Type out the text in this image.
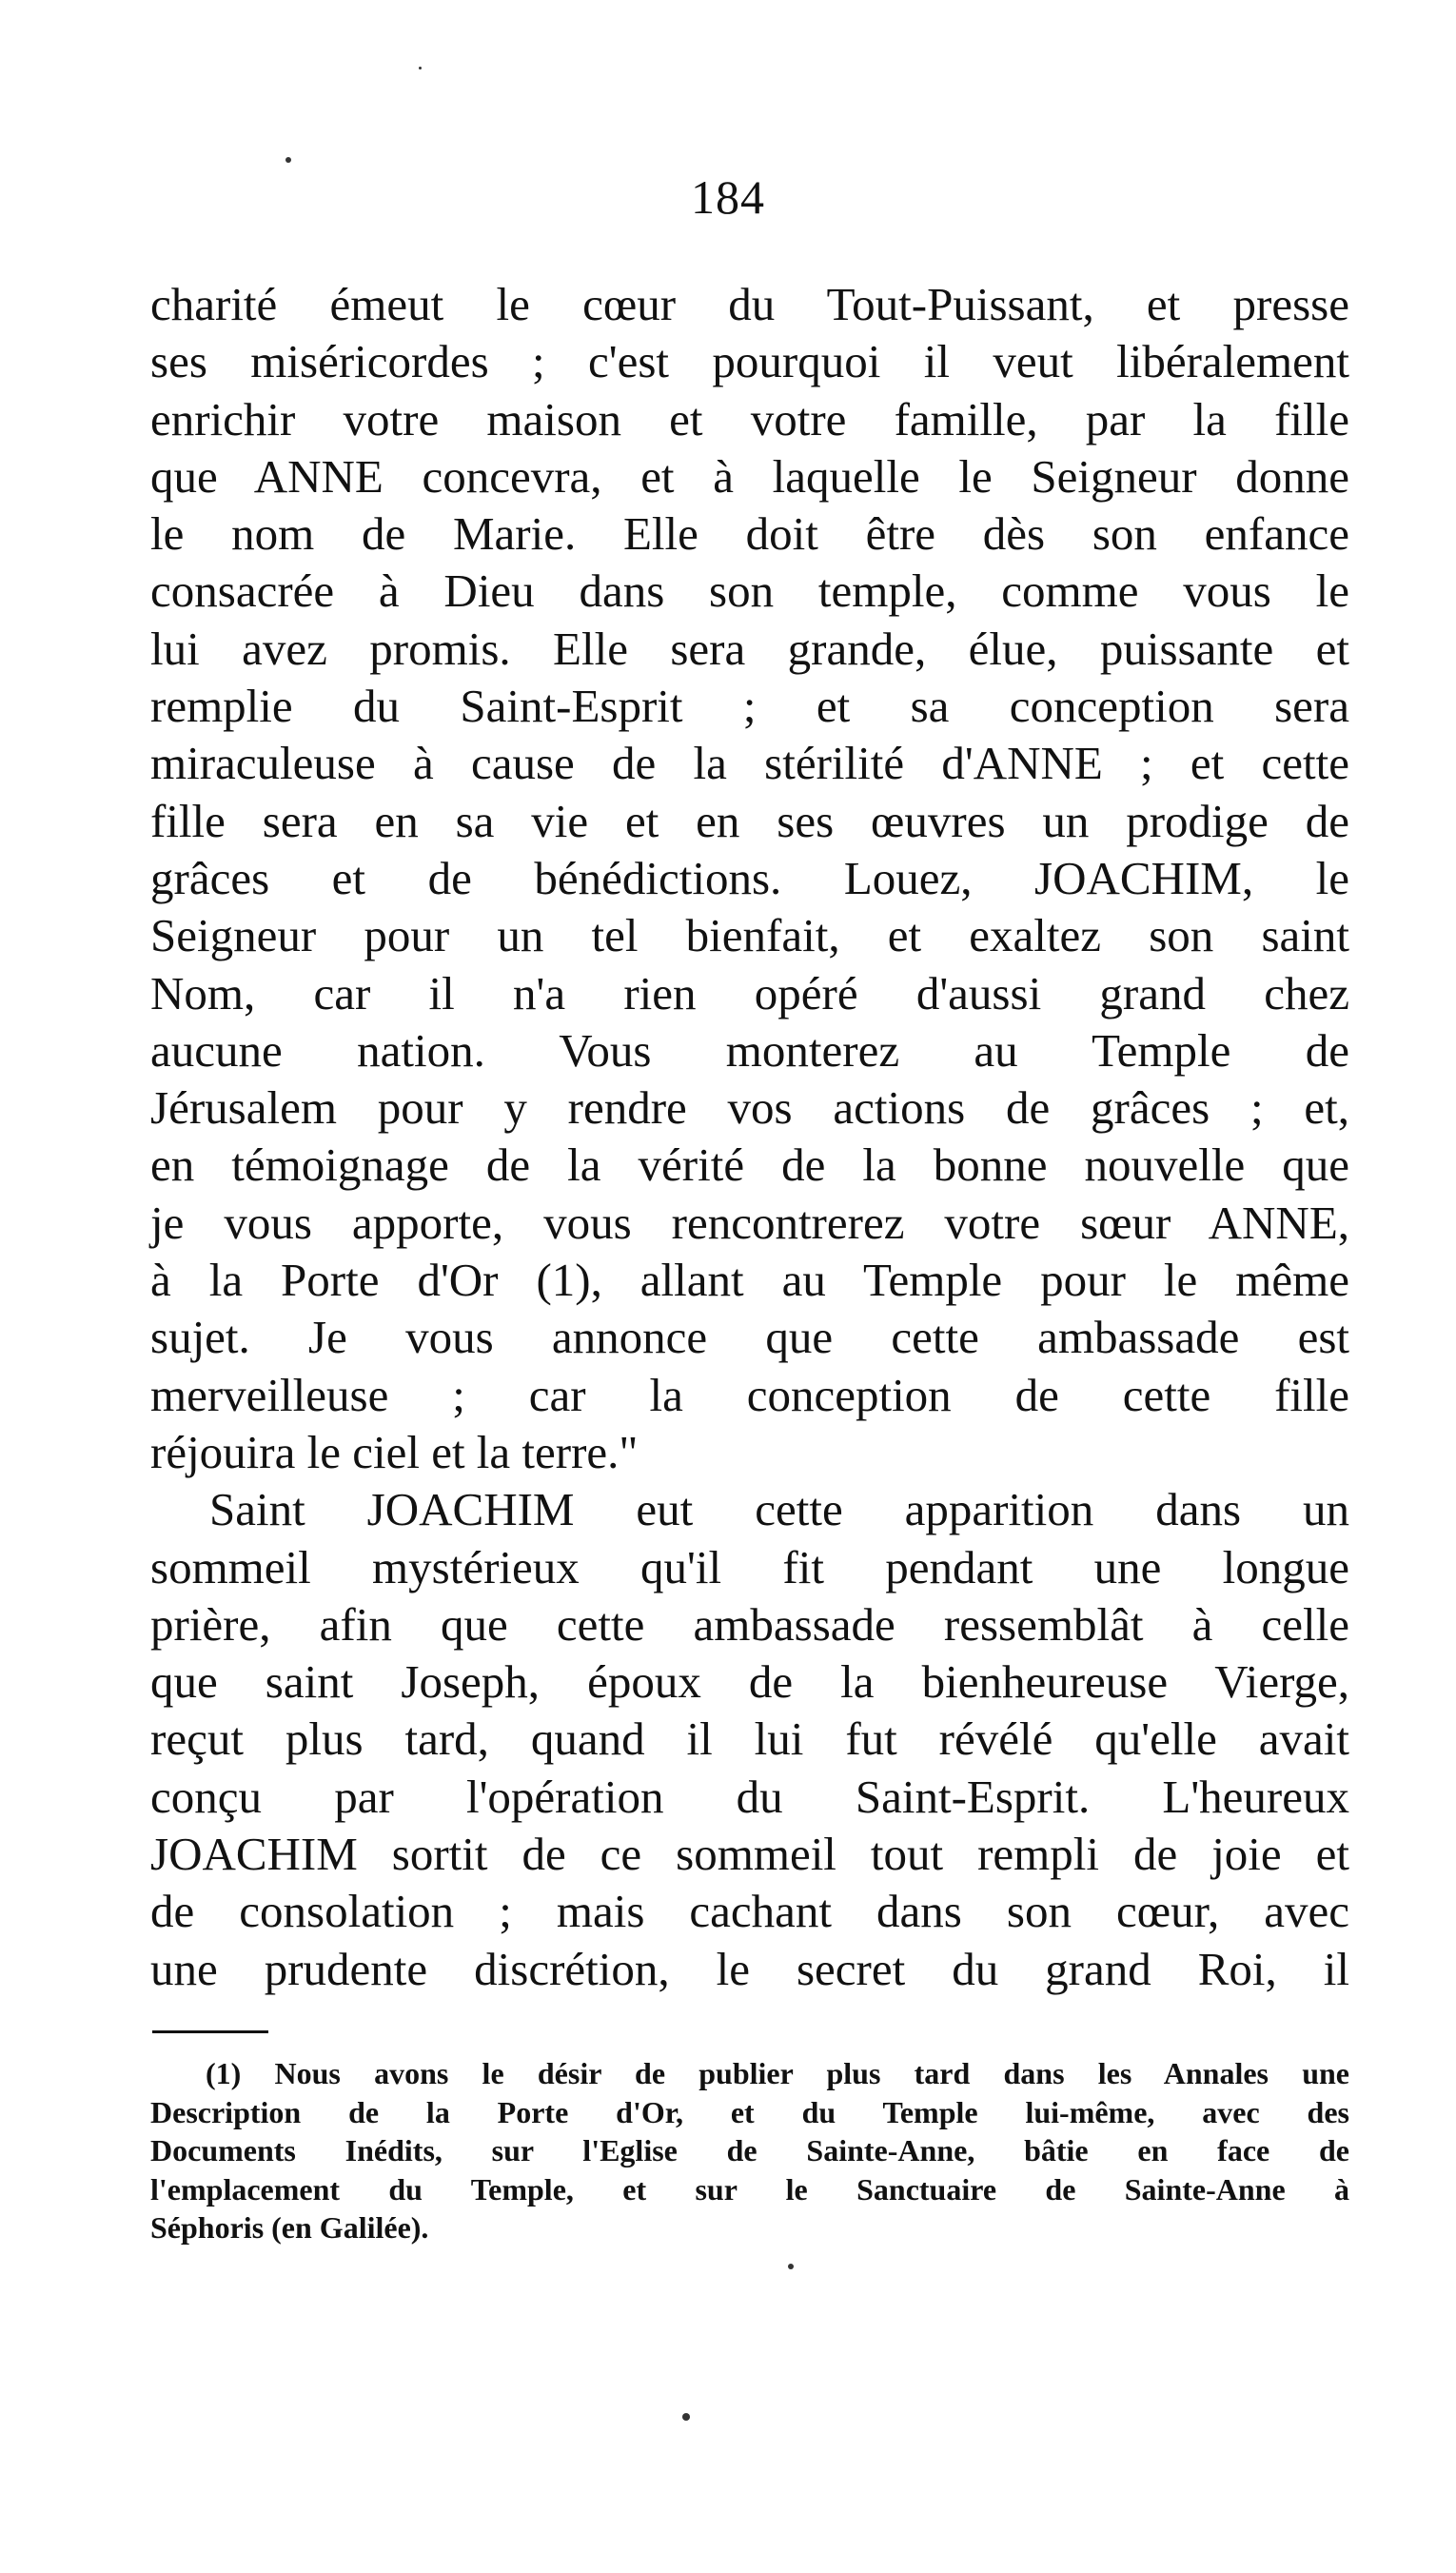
184
charité émeut le cœur du Tout-Puissant, et presse
ses miséricordes ; c'est pourquoi il veut libéralement
enrichir votre maison et votre famille, par la fille
que ANNE concevra, et à laquelle le Seigneur donne
le nom de Marie. Elle doit être dès son enfance
consacrée à Dieu dans son temple, comme vous le
lui avez promis. Elle sera grande, élue, puissante et
remplie du Saint-Esprit ; et sa conception sera
miraculeuse à cause de la stérilité d'ANNE ; et cette
fille sera en sa vie et en ses œuvres un prodige de
grâces et de bénédictions. Louez, JOACHIM, le
Seigneur pour un tel bienfait, et exaltez son saint
Nom, car il n'a rien opéré d'aussi grand chez
aucune nation. Vous monterez au Temple de
Jérusalem pour y rendre vos actions de grâces ; et,
en témoignage de la vérité de la bonne nouvelle que
je vous apporte, vous rencontrerez votre sœur ANNE,
à la Porte d'Or (1), allant au Temple pour le même
sujet. Je vous annonce que cette ambassade est
merveilleuse ; car la conception de cette fille
réjouira le ciel et la terre."
Saint JOACHIM eut cette apparition dans un
sommeil mystérieux qu'il fit pendant une longue
prière, afin que cette ambassade ressemblât à celle
que saint Joseph, époux de la bienheureuse Vierge,
reçut plus tard, quand il lui fut révélé qu'elle avait
conçu par l'opération du Saint-Esprit. L'heureux
JOACHIM sortit de ce sommeil tout rempli de joie et
de consolation ; mais cachant dans son cœur, avec
une prudente discrétion, le secret du grand Roi, il
(1) Nous avons le désir de publier plus tard dans les Annales une
Description de la Porte d'Or, et du Temple lui-même, avec des
Documents Inédits, sur l'Eglise de Sainte-Anne, bâtie en face de
l'emplacement du Temple, et sur le Sanctuaire de Sainte-Anne à
Séphoris (en Galilée).
